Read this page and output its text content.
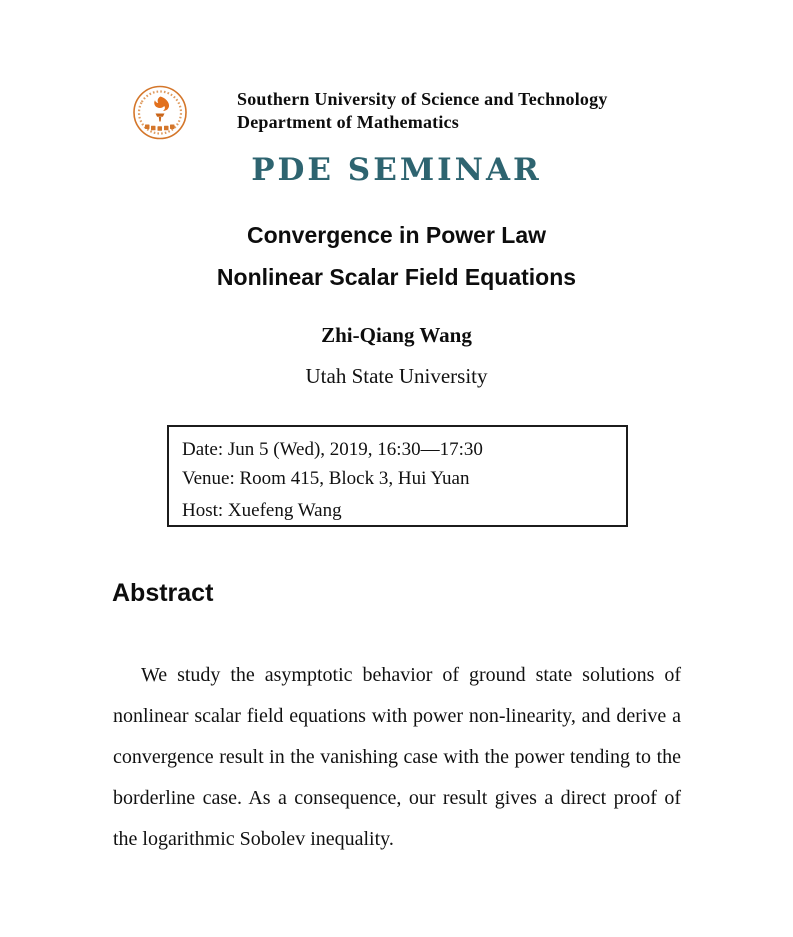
Southern University of Science and Technology
Department of Mathematics
PDE SEMINAR
Convergence in Power Law
Nonlinear Scalar Field Equations
Zhi-Qiang Wang
Utah State University
Date: Jun 5 (Wed), 2019, 16:30—17:30
Venue: Room 415, Block 3, Hui Yuan
Host: Xuefeng Wang
Abstract
We study the asymptotic behavior of ground state solutions of nonlinear scalar field equations with power non-linearity, and derive a convergence result in the vanishing case with the power tending to the borderline case. As a consequence, our result gives a direct proof of the logarithmic Sobolev inequality.
